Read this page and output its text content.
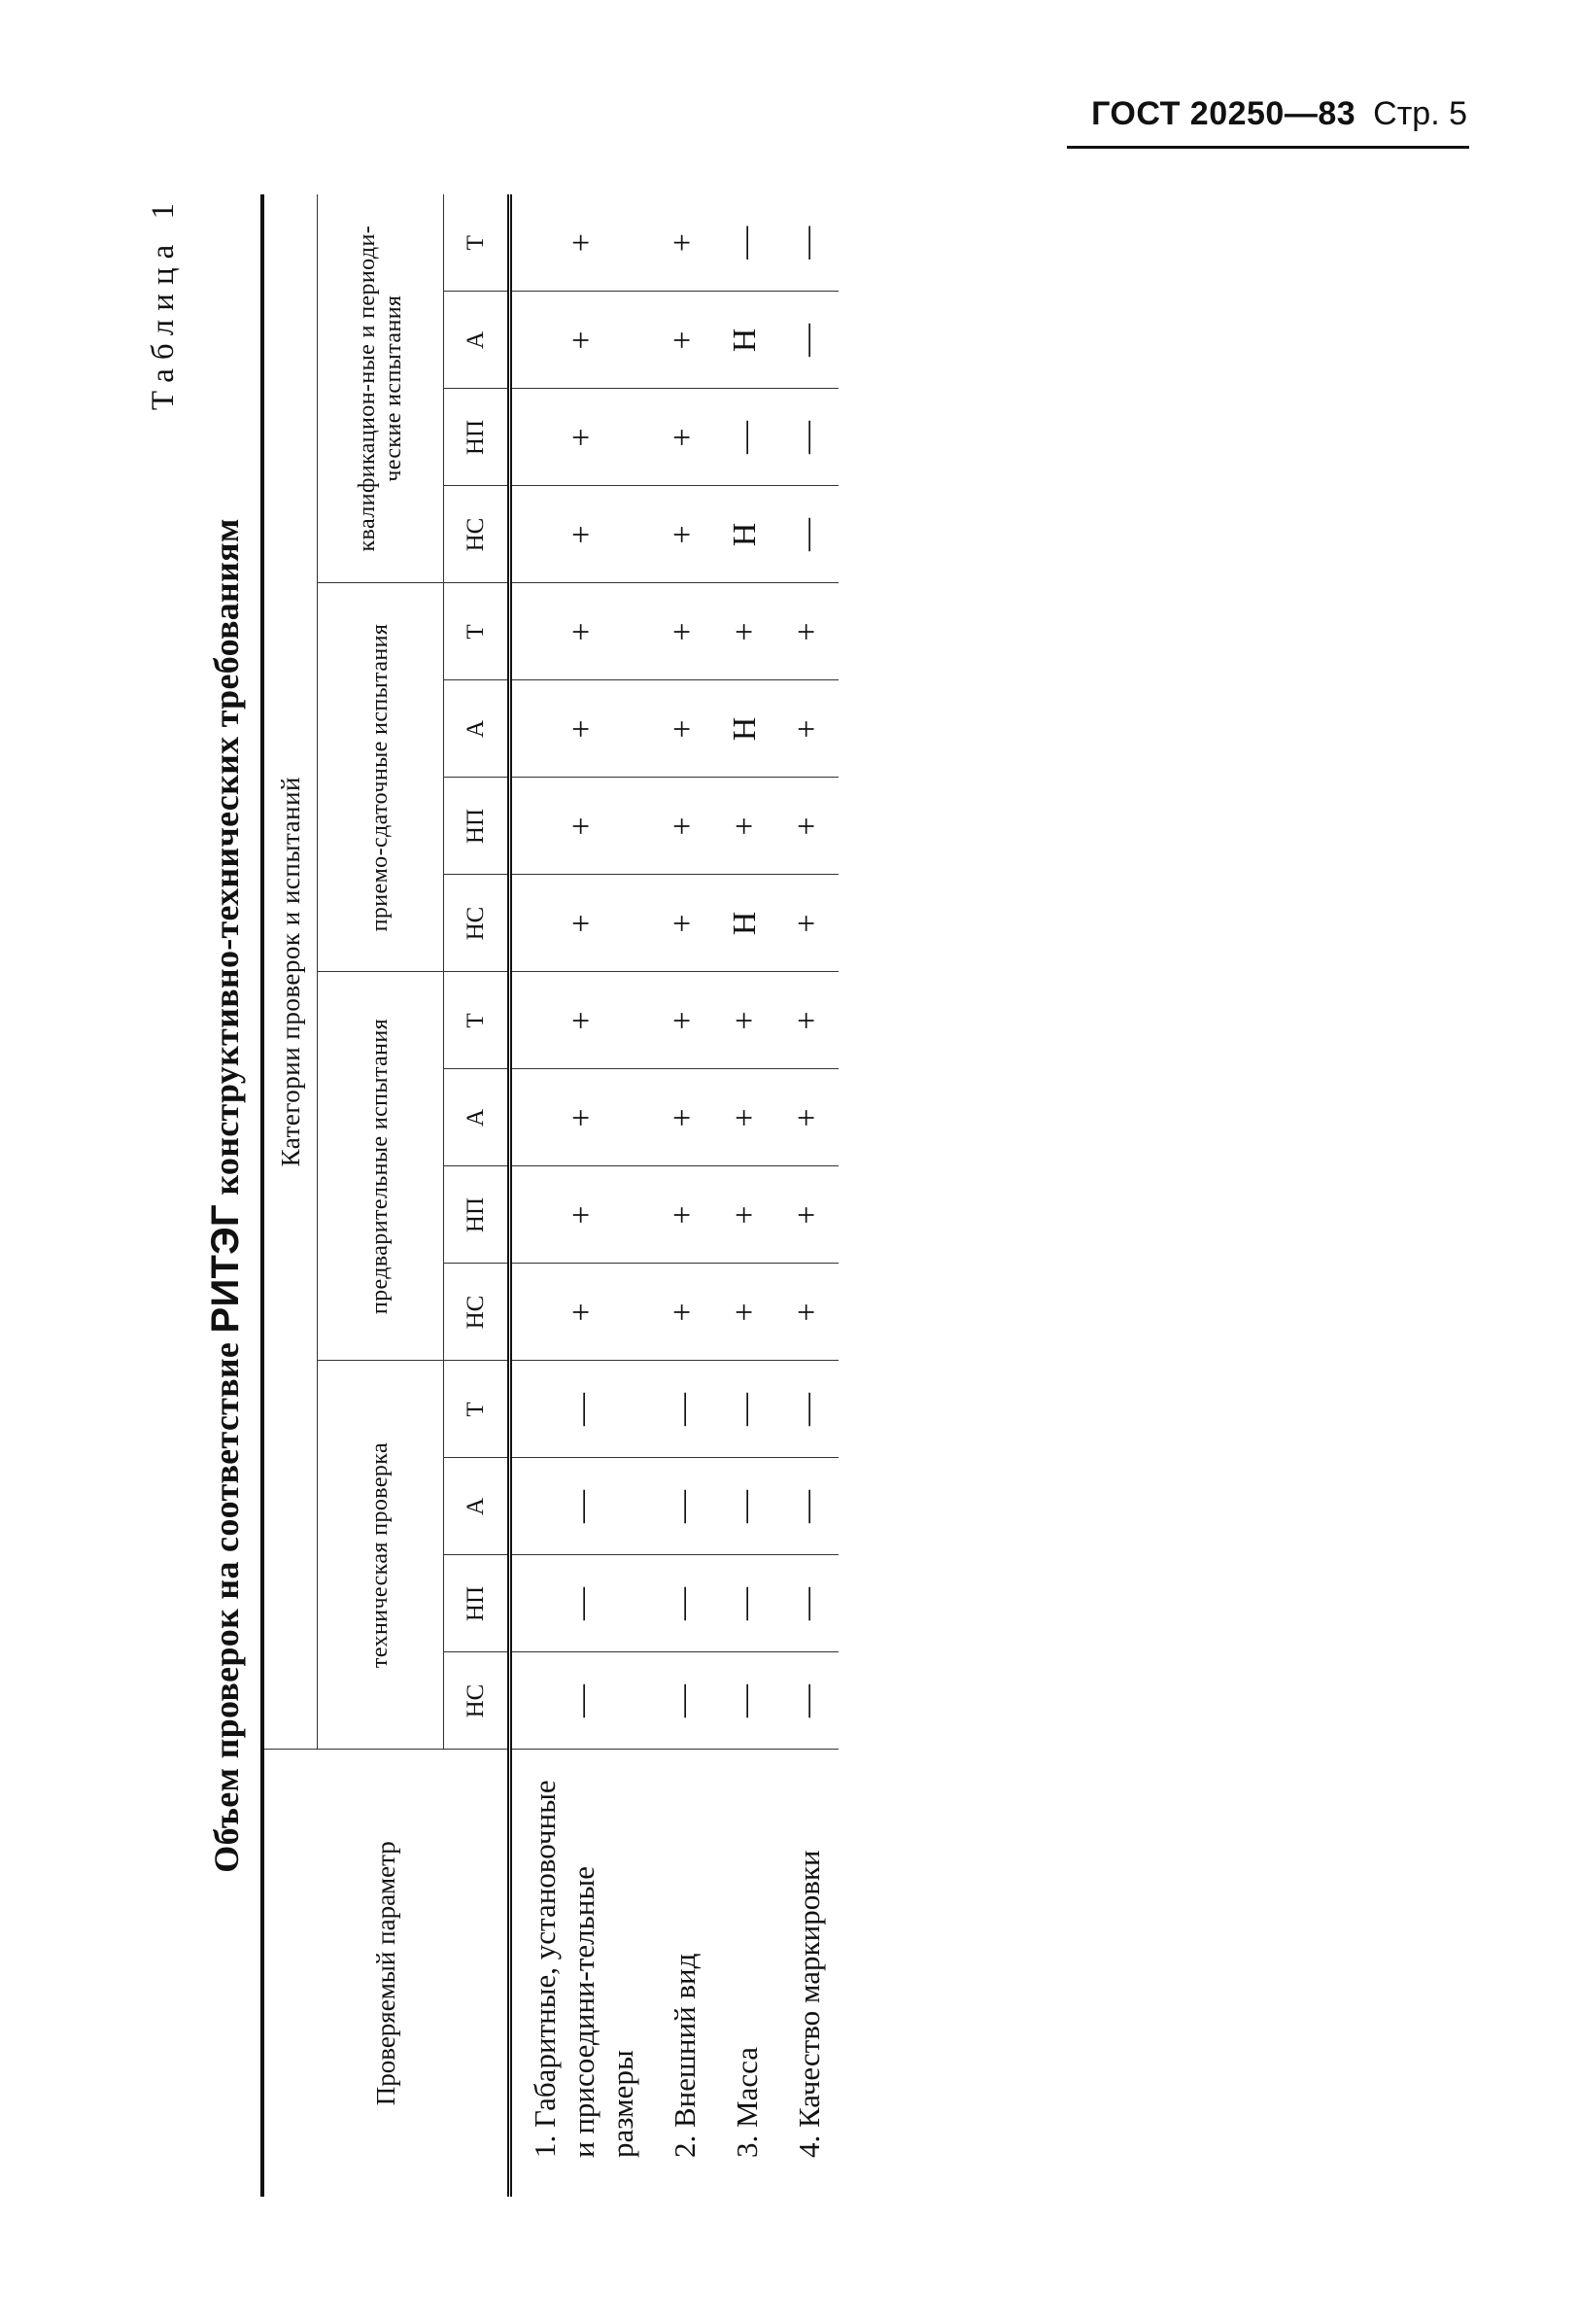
ГОСТ 20250—83 Стр. 5
Таблица 1
Объем проверок на соответствие РИТЭГ конструктивно-технических требованиям
Проверяемый параметр	Категории проверок и испытаний															
	техническая проверка				предварительные испытания				приемо-сдаточные испытания				квалификацион-ные и периоди-ческие испытания			
	НС	НП	А	Т	НС	НП	А	Т	НС	НП	А	Т	НС	НП	А	Т

1. Габаритные, установочные и присоедини-тельные размеры	—	—	—	—	+	+	+	+	+	+	+	+	+	+	+	+
2. Внешний вид	—	—	—	—	+	+	+	+	+	+	+	+	+	+	+	+
3. Масса	—	—	—	—	+	+	+	+	Н	+	Н	+	Н	—	Н	—
4. Качество маркировки	—	—	—	—	+	+	+	+	+	+	+	+	—	—	—	—
